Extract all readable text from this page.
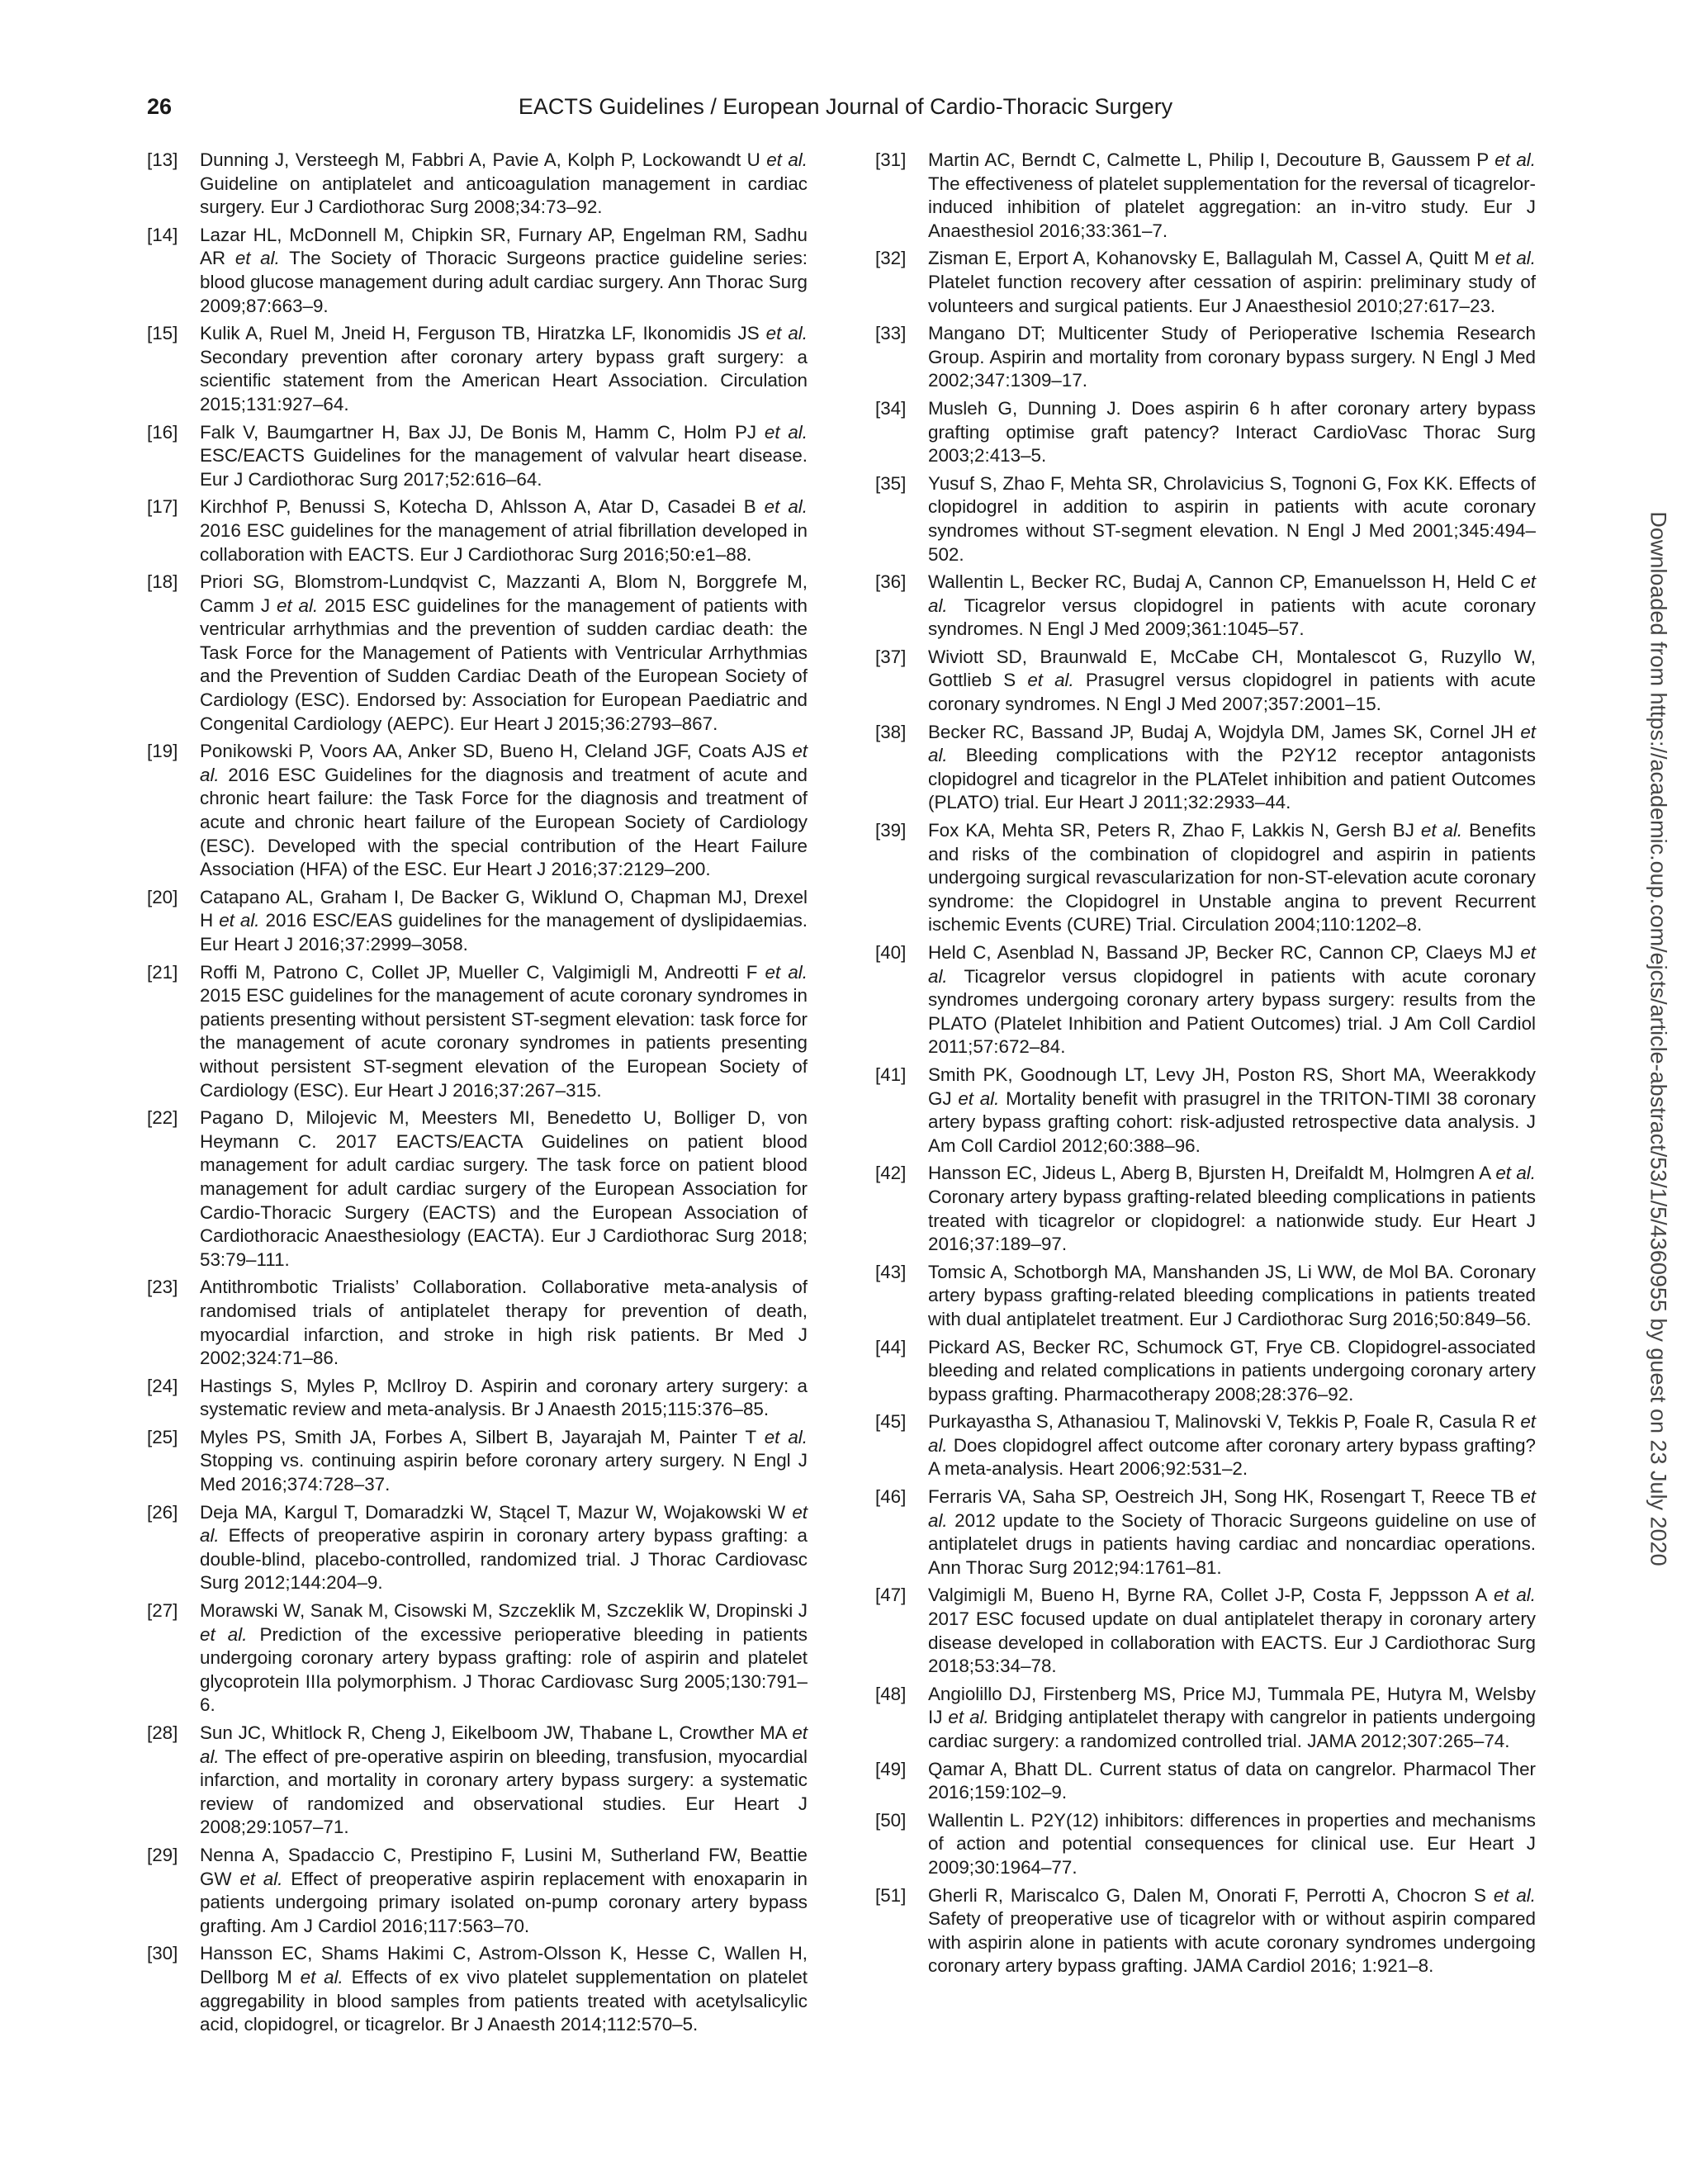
26	EACTS Guidelines / European Journal of Cardio-Thoracic Surgery
[13] Dunning J, Versteegh M, Fabbri A, Pavie A, Kolph P, Lockowandt U et al. Guideline on antiplatelet and anticoagulation management in cardiac surgery. Eur J Cardiothorac Surg 2008;34:73–92.
[14] Lazar HL, McDonnell M, Chipkin SR, Furnary AP, Engelman RM, Sadhu AR et al. The Society of Thoracic Surgeons practice guideline series: blood glucose management during adult cardiac surgery. Ann Thorac Surg 2009;87:663–9.
[15] Kulik A, Ruel M, Jneid H, Ferguson TB, Hiratzka LF, Ikonomidis JS et al. Secondary prevention after coronary artery bypass graft surgery: a scientific statement from the American Heart Association. Circulation 2015;131:927–64.
[16] Falk V, Baumgartner H, Bax JJ, De Bonis M, Hamm C, Holm PJ et al. ESC/EACTS Guidelines for the management of valvular heart disease. Eur J Cardiothorac Surg 2017;52:616–64.
[17] Kirchhof P, Benussi S, Kotecha D, Ahlsson A, Atar D, Casadei B et al. 2016 ESC guidelines for the management of atrial fibrillation developed in collaboration with EACTS. Eur J Cardiothorac Surg 2016;50:e1–88.
[18] Priori SG, Blomstrom-Lundqvist C, Mazzanti A, Blom N, Borggrefe M, Camm J et al. 2015 ESC guidelines for the management of patients with ventricular arrhythmias and the prevention of sudden cardiac death: the Task Force for the Management of Patients with Ventricular Arrhythmias and the Prevention of Sudden Cardiac Death of the European Society of Cardiology (ESC). Endorsed by: Association for European Paediatric and Congenital Cardiology (AEPC). Eur Heart J 2015;36:2793–867.
[19] Ponikowski P, Voors AA, Anker SD, Bueno H, Cleland JGF, Coats AJS et al. 2016 ESC Guidelines for the diagnosis and treatment of acute and chronic heart failure: the Task Force for the diagnosis and treatment of acute and chronic heart failure of the European Society of Cardiology (ESC). Developed with the special contribution of the Heart Failure Association (HFA) of the ESC. Eur Heart J 2016;37:2129–200.
[20] Catapano AL, Graham I, De Backer G, Wiklund O, Chapman MJ, Drexel H et al. 2016 ESC/EAS guidelines for the management of dyslipidaemias. Eur Heart J 2016;37:2999–3058.
[21] Roffi M, Patrono C, Collet JP, Mueller C, Valgimigli M, Andreotti F et al. 2015 ESC guidelines for the management of acute coronary syndromes in patients presenting without persistent ST-segment elevation: task force for the management of acute coronary syndromes in patients presenting without persistent ST-segment elevation of the European Society of Cardiology (ESC). Eur Heart J 2016;37:267–315.
[22] Pagano D, Milojevic M, Meesters MI, Benedetto U, Bolliger D, von Heymann C. 2017 EACTS/EACTA Guidelines on patient blood management for adult cardiac surgery. The task force on patient blood management for adult cardiac surgery of the European Association for Cardio-Thoracic Surgery (EACTS) and the European Association of Cardiothoracic Anaesthesiology (EACTA). Eur J Cardiothorac Surg 2018; 53:79–111.
[23] Antithrombotic Trialists’ Collaboration. Collaborative meta-analysis of randomised trials of antiplatelet therapy for prevention of death, myocardial infarction, and stroke in high risk patients. Br Med J 2002;324:71–86.
[24] Hastings S, Myles P, McIlroy D. Aspirin and coronary artery surgery: a systematic review and meta-analysis. Br J Anaesth 2015;115:376–85.
[25] Myles PS, Smith JA, Forbes A, Silbert B, Jayarajah M, Painter T et al. Stopping vs. continuing aspirin before coronary artery surgery. N Engl J Med 2016;374:728–37.
[26] Deja MA, Kargul T, Domaradzki W, Stącel T, Mazur W, Wojakowski W et al. Effects of preoperative aspirin in coronary artery bypass grafting: a double-blind, placebo-controlled, randomized trial. J Thorac Cardiovasc Surg 2012;144:204–9.
[27] Morawski W, Sanak M, Cisowski M, Szczeklik M, Szczeklik W, Dropinski J et al. Prediction of the excessive perioperative bleeding in patients undergoing coronary artery bypass grafting: role of aspirin and platelet glycoprotein IIIa polymorphism. J Thorac Cardiovasc Surg 2005;130:791–6.
[28] Sun JC, Whitlock R, Cheng J, Eikelboom JW, Thabane L, Crowther MA et al. The effect of pre-operative aspirin on bleeding, transfusion, myocardial infarction, and mortality in coronary artery bypass surgery: a systematic review of randomized and observational studies. Eur Heart J 2008;29:1057–71.
[29] Nenna A, Spadaccio C, Prestipino F, Lusini M, Sutherland FW, Beattie GW et al. Effect of preoperative aspirin replacement with enoxaparin in patients undergoing primary isolated on-pump coronary artery bypass grafting. Am J Cardiol 2016;117:563–70.
[30] Hansson EC, Shams Hakimi C, Astrom-Olsson K, Hesse C, Wallen H, Dellborg M et al. Effects of ex vivo platelet supplementation on platelet aggregability in blood samples from patients treated with acetylsalicylic acid, clopidogrel, or ticagrelor. Br J Anaesth 2014;112:570–5.
[31] Martin AC, Berndt C, Calmette L, Philip I, Decouture B, Gaussem P et al. The effectiveness of platelet supplementation for the reversal of ticagrelor-induced inhibition of platelet aggregation: an in-vitro study. Eur J Anaesthesiol 2016;33:361–7.
[32] Zisman E, Erport A, Kohanovsky E, Ballagulah M, Cassel A, Quitt M et al. Platelet function recovery after cessation of aspirin: preliminary study of volunteers and surgical patients. Eur J Anaesthesiol 2010;27:617–23.
[33] Mangano DT; Multicenter Study of Perioperative Ischemia Research Group. Aspirin and mortality from coronary bypass surgery. N Engl J Med 2002;347:1309–17.
[34] Musleh G, Dunning J. Does aspirin 6 h after coronary artery bypass grafting optimise graft patency? Interact CardioVasc Thorac Surg 2003;2:413–5.
[35] Yusuf S, Zhao F, Mehta SR, Chrolavicius S, Tognoni G, Fox KK. Effects of clopidogrel in addition to aspirin in patients with acute coronary syndromes without ST-segment elevation. N Engl J Med 2001;345:494–502.
[36] Wallentin L, Becker RC, Budaj A, Cannon CP, Emanuelsson H, Held C et al. Ticagrelor versus clopidogrel in patients with acute coronary syndromes. N Engl J Med 2009;361:1045–57.
[37] Wiviott SD, Braunwald E, McCabe CH, Montalescot G, Ruzyllo W, Gottlieb S et al. Prasugrel versus clopidogrel in patients with acute coronary syndromes. N Engl J Med 2007;357:2001–15.
[38] Becker RC, Bassand JP, Budaj A, Wojdyla DM, James SK, Cornel JH et al. Bleeding complications with the P2Y12 receptor antagonists clopidogrel and ticagrelor in the PLATelet inhibition and patient Outcomes (PLATO) trial. Eur Heart J 2011;32:2933–44.
[39] Fox KA, Mehta SR, Peters R, Zhao F, Lakkis N, Gersh BJ et al. Benefits and risks of the combination of clopidogrel and aspirin in patients undergoing surgical revascularization for non-ST-elevation acute coronary syndrome: the Clopidogrel in Unstable angina to prevent Recurrent ischemic Events (CURE) Trial. Circulation 2004;110:1202–8.
[40] Held C, Asenblad N, Bassand JP, Becker RC, Cannon CP, Claeys MJ et al. Ticagrelor versus clopidogrel in patients with acute coronary syndromes undergoing coronary artery bypass surgery: results from the PLATO (Platelet Inhibition and Patient Outcomes) trial. J Am Coll Cardiol 2011;57:672–84.
[41] Smith PK, Goodnough LT, Levy JH, Poston RS, Short MA, Weerakkody GJ et al. Mortality benefit with prasugrel in the TRITON-TIMI 38 coronary artery bypass grafting cohort: risk-adjusted retrospective data analysis. J Am Coll Cardiol 2012;60:388–96.
[42] Hansson EC, Jideus L, Aberg B, Bjursten H, Dreifaldt M, Holmgren A et al. Coronary artery bypass grafting-related bleeding complications in patients treated with ticagrelor or clopidogrel: a nationwide study. Eur Heart J 2016;37:189–97.
[43] Tomsic A, Schotborgh MA, Manshanden JS, Li WW, de Mol BA. Coronary artery bypass grafting-related bleeding complications in patients treated with dual antiplatelet treatment. Eur J Cardiothorac Surg 2016;50:849–56.
[44] Pickard AS, Becker RC, Schumock GT, Frye CB. Clopidogrel-associated bleeding and related complications in patients undergoing coronary artery bypass grafting. Pharmacotherapy 2008;28:376–92.
[45] Purkayastha S, Athanasiou T, Malinovski V, Tekkis P, Foale R, Casula R et al. Does clopidogrel affect outcome after coronary artery bypass grafting? A meta-analysis. Heart 2006;92:531–2.
[46] Ferraris VA, Saha SP, Oestreich JH, Song HK, Rosengart T, Reece TB et al. 2012 update to the Society of Thoracic Surgeons guideline on use of antiplatelet drugs in patients having cardiac and noncardiac operations. Ann Thorac Surg 2012;94:1761–81.
[47] Valgimigli M, Bueno H, Byrne RA, Collet J-P, Costa F, Jeppsson A et al. 2017 ESC focused update on dual antiplatelet therapy in coronary artery disease developed in collaboration with EACTS. Eur J Cardiothorac Surg 2018;53:34–78.
[48] Angiolillo DJ, Firstenberg MS, Price MJ, Tummala PE, Hutyra M, Welsby IJ et al. Bridging antiplatelet therapy with cangrelor in patients undergoing cardiac surgery: a randomized controlled trial. JAMA 2012;307:265–74.
[49] Qamar A, Bhatt DL. Current status of data on cangrelor. Pharmacol Ther 2016;159:102–9.
[50] Wallentin L. P2Y(12) inhibitors: differences in properties and mechanisms of action and potential consequences for clinical use. Eur Heart J 2009;30:1964–77.
[51] Gherli R, Mariscalco G, Dalen M, Onorati F, Perrotti A, Chocron S et al. Safety of preoperative use of ticagrelor with or without aspirin compared with aspirin alone in patients with acute coronary syndromes undergoing coronary artery bypass grafting. JAMA Cardiol 2016; 1:921–8.
Downloaded from https://academic.oup.com/ejcts/article-abstract/53/1/5/4360955 by guest on 23 July 2020
